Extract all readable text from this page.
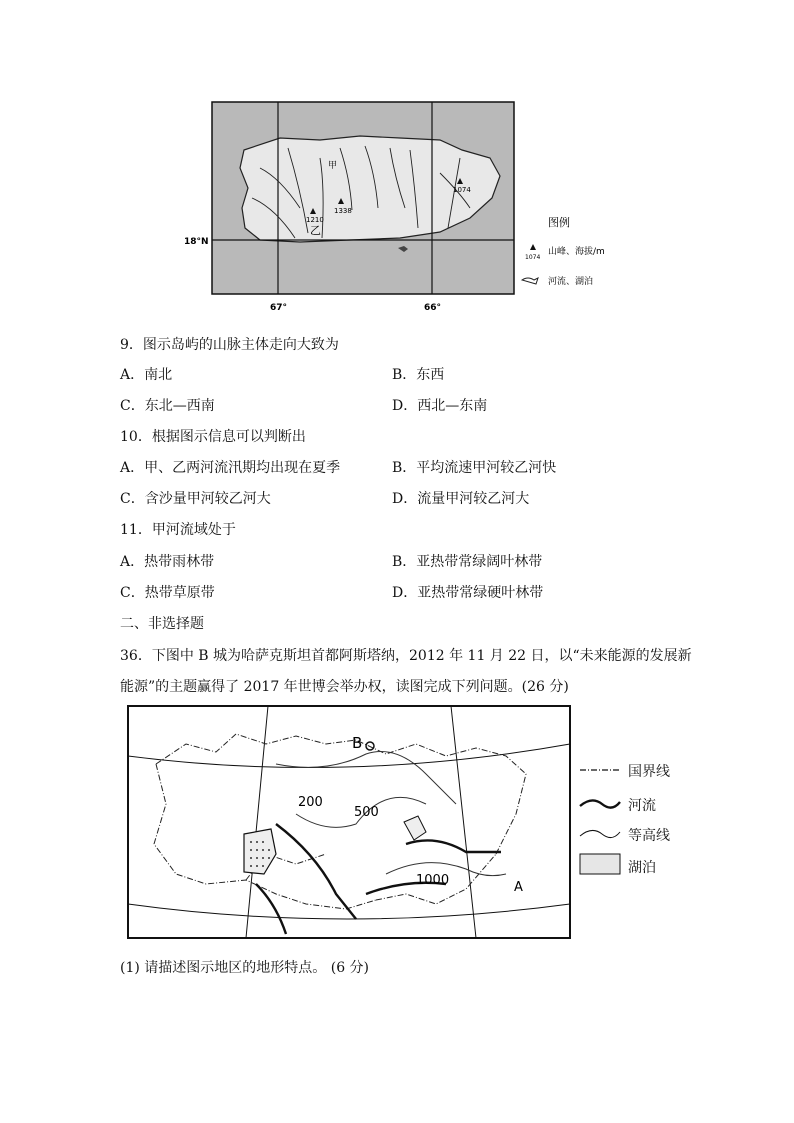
甲
乙
1210
1338
1074
18°N
67°	66°
图例
1074
山峰、海拔/m
河流、湖泊
9．图示岛屿的山脉主体走向大致为
A．南北	B．东西
C．东北—西南	D．西北—东南
10．根据图示信息可以判断出
A．甲、乙两河流汛期均出现在夏季	B．平均流速甲河较乙河快
C．含沙量甲河较乙河大	D．流量甲河较乙河大
11．甲河流域处于
A．热带雨林带	B．亚热带常绿阔叶林带
C．热带草原带	D．亚热带常绿硬叶林带
二、非选择题
36．下图中 B 城为哈萨克斯坦首都阿斯塔纳，2012 年 11 月 22 日，以“未来能源的发展新
能源”的主题赢得了 2017 年世博会举办权，读图完成下列问题。(26 分)
B
A
200
500
1000
国界线
河流
等高线
湖泊
(1) 请描述图示地区的地形特点。 (6 分)
